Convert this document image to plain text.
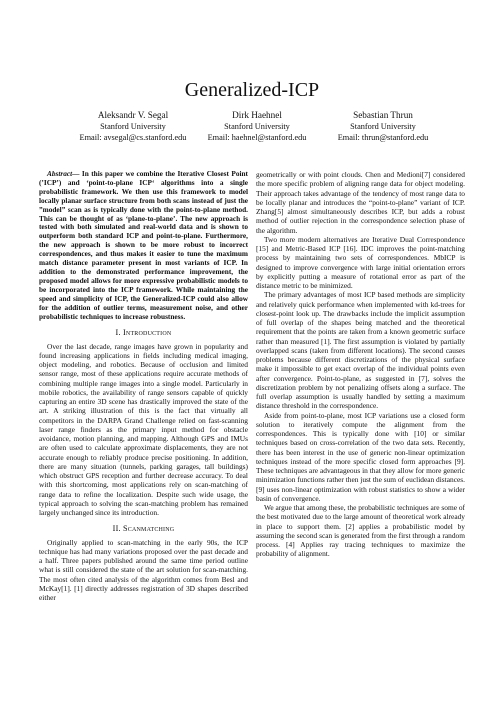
Generalized-ICP
Aleksandr V. Segal
Stanford University
Email: avsegal@cs.stanford.edu
Dirk Haehnel
Stanford University
Email: haehnel@stanford.edu
Sebastian Thrun
Stanford University
Email: thrun@stanford.edu

Abstract— In this paper we combine the Iterative Closest Point (’ICP’) and ‘point-to-plane ICP‘ algorithms into a single probabilistic framework. We then use this framework to model locally planar surface structure from both scans instead of just the ”model” scan as is typically done with the point-to-plane method. This can be thought of as ‘plane-to-plane’. The new approach is tested with both simulated and real-world data and is shown to outperform both standard ICP and point-to-plane. Furthermore, the new approach is shown to be more robust to incorrect correspondences, and thus makes it easier to tune the maximum match distance parameter present in most variants of ICP. In addition to the demonstrated performance improvement, the proposed model allows for more expressive probabilistic models to be incorporated into the ICP framework. While maintaining the speed and simplicity of ICP, the Generalized-ICP could also allow for the addition of outlier terms, measurement noise, and other probabilistic techniques to increase robustness.

I. Introduction

Over the last decade, range images have grown in popularity and found increasing applications in fields including medical imaging, object modeling, and robotics. Because of occlusion and limited sensor range, most of these applications require accurate methods of combining multiple range images into a single model. Particularly in mobile robotics, the availability of range sensors capable of quickly capturing an entire 3D scene has drastically improved the state of the art. A striking illustration of this is the fact that virtually all competitors in the DARPA Grand Challenge relied on fast-scanning laser range finders as the primary input method for obstacle avoidance, motion planning, and mapping. Although GPS and IMUs are often used to calculate approximate displacements, they are not accurate enough to reliably produce precise positioning. In addition, there are many situation (tunnels, parking garages, tall buildings) which obstruct GPS reception and further decrease accuracy. To deal with this shortcoming, most applications rely on scan-matching of range data to refine the localization. Despite such wide usage, the typical approach to solving the scan-matching problem has remained largely unchanged since its introduction.

II. Scanmatching

Originally applied to scan-matching in the early 90s, the ICP technique has had many variations proposed over the past decade and a half. Three papers published around the same time period outline what is still considered the state of the art solution for scan-matching. The most often cited analysis of the algorithm comes from Besl and McKay[1]. [1] directly addresses registration of 3D shapes described either

geometrically or with point clouds. Chen and Medioni[7] considered the more specific problem of aligning range data for object modeling. Their approach takes advantage of the tendency of most range data to be locally planar and introduces the “point-to-plane” variant of ICP. Zhang[5] almost simultaneously describes ICP, but adds a robust method of outlier rejection in the correspondence selection phase of the algorithm.

Two more modern alternatives are Iterative Dual Correspondence [15] and Metric-Based ICP [16]. IDC improves the point-matching process by maintaining two sets of correspondences. MbICP is designed to improve convergence with large initial orientation errors by explicitly putting a measure of rotational error as part of the distance metric to be minimized.

The primary advantages of most ICP based methods are simplicity and relatively quick performance when implemented with kd-trees for closest-point look up. The drawbacks include the implicit assumption of full overlap of the shapes being matched and the theoretical requirement that the points are taken from a known geometric surface rather than measured [1]. The first assumption is violated by partially overlapped scans (taken from different locations). The second causes problems because different discretizations of the physical surface make it impossible to get exact overlap of the individual points even after convergence. Point-to-plane, as suggested in [7], solves the discretization problem by not penalizing offsets along a surface. The full overlap assumption is usually handled by setting a maximum distance threshold in the correspondence.

Aside from point-to-plane, most ICP variations use a closed form solution to iteratively compute the alignment from the correspondences. This is typically done with [10] or similar techniques based on cross-correlation of the two data sets. Recently, there has been interest in the use of generic non-linear optimization techniques instead of the more specific closed form approaches [9]. These techniques are advantageous in that they allow for more generic minimization functions rather then just the sum of euclidean distances. [9] uses non-linear optimization with robust statistics to show a wider basin of convergence.

We argue that among these, the probabilistic techniques are some of the best motivated due to the large amount of theoretical work already in place to support them. [2] applies a probabilistic model by assuming the second scan is generated from the first through a random process. [4] Applies ray tracing techniques to maximize the probability of alignment.
